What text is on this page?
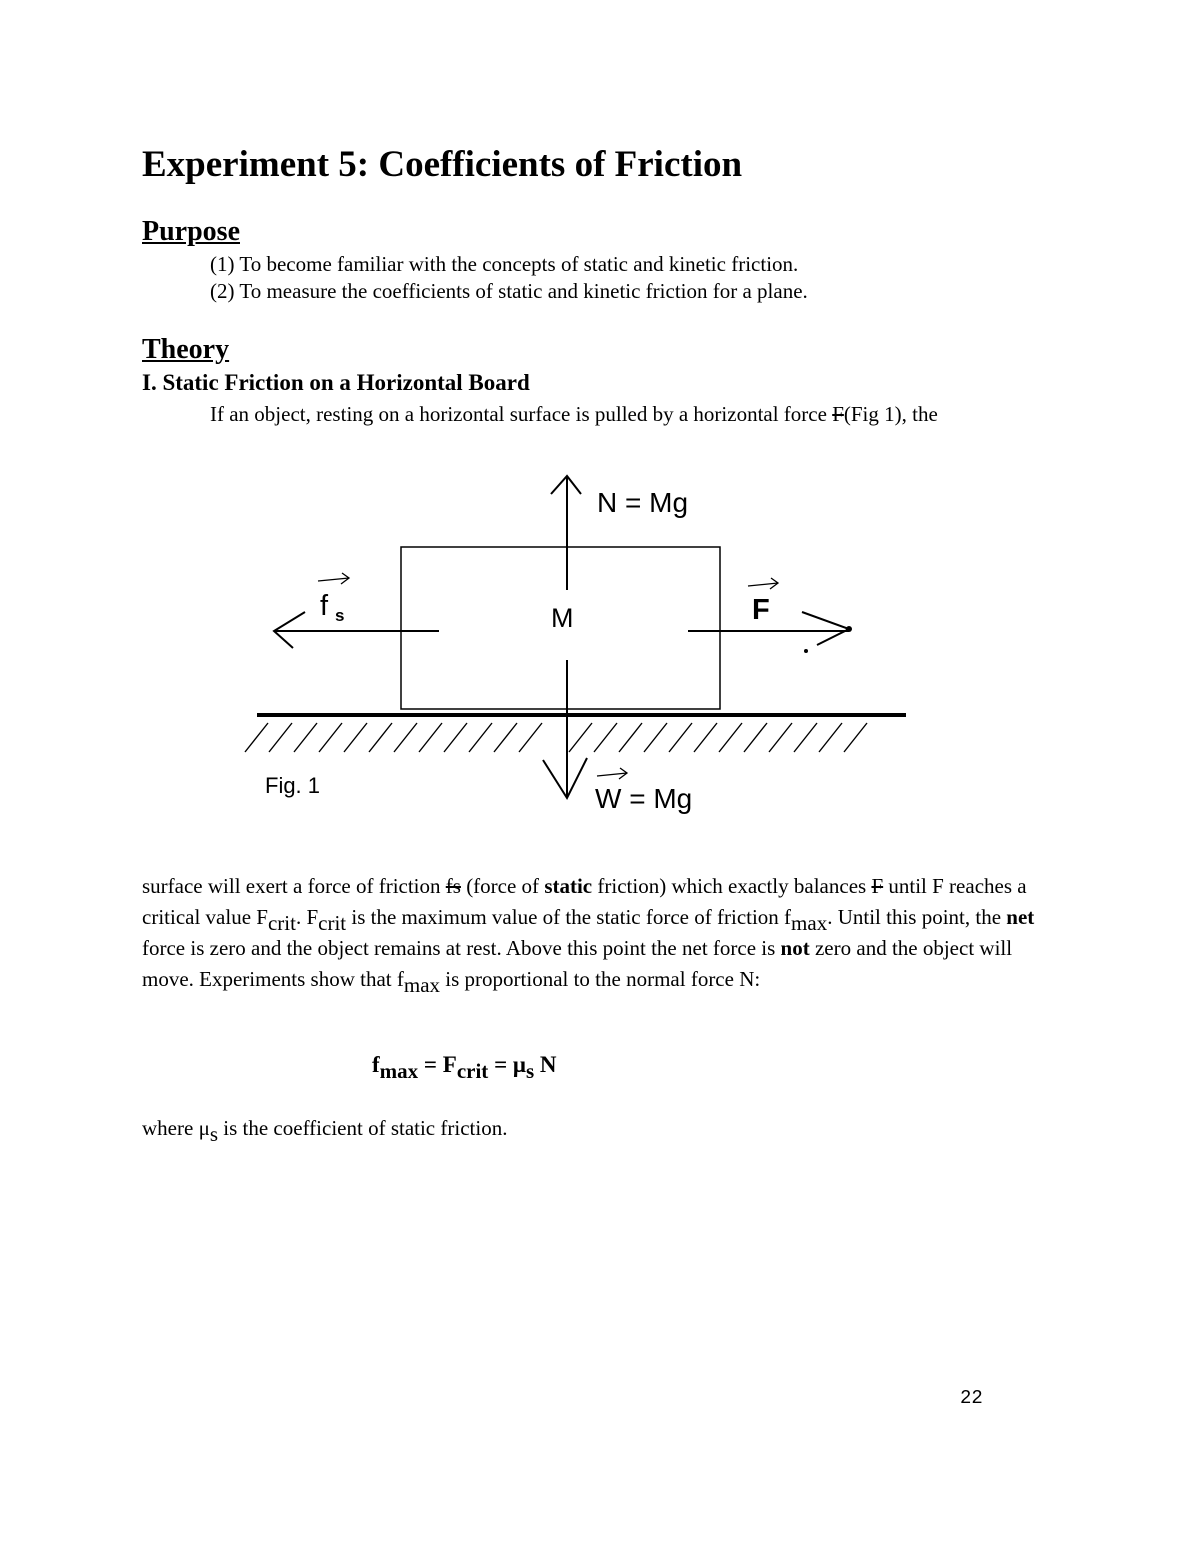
Experiment 5: Coefficients of Friction
Purpose

(1) To become familiar with the concepts of static and kinetic friction.

(2) To measure the coefficients of static and kinetic friction for a plane.

Theory
I. Static Friction on a Horizontal Board

If an object, resting on a horizontal surface is pulled by a horizontal force F(Fig 1), the

N = Mg
M
f s	F
W = Mg
Fig. 1

surface will exert a force of friction fs (force of static friction) which exactly balances F until F reaches a critical value Fcrit. Fcrit is the maximum value of the static force of friction fmax. Until this point, the net force is zero and the object remains at rest. Above this point the net force is not zero and the object will move. Experiments show that fmax is proportional to the normal force N:

fmax = Fcrit = μs N

where μs is the coefficient of static friction.

22
